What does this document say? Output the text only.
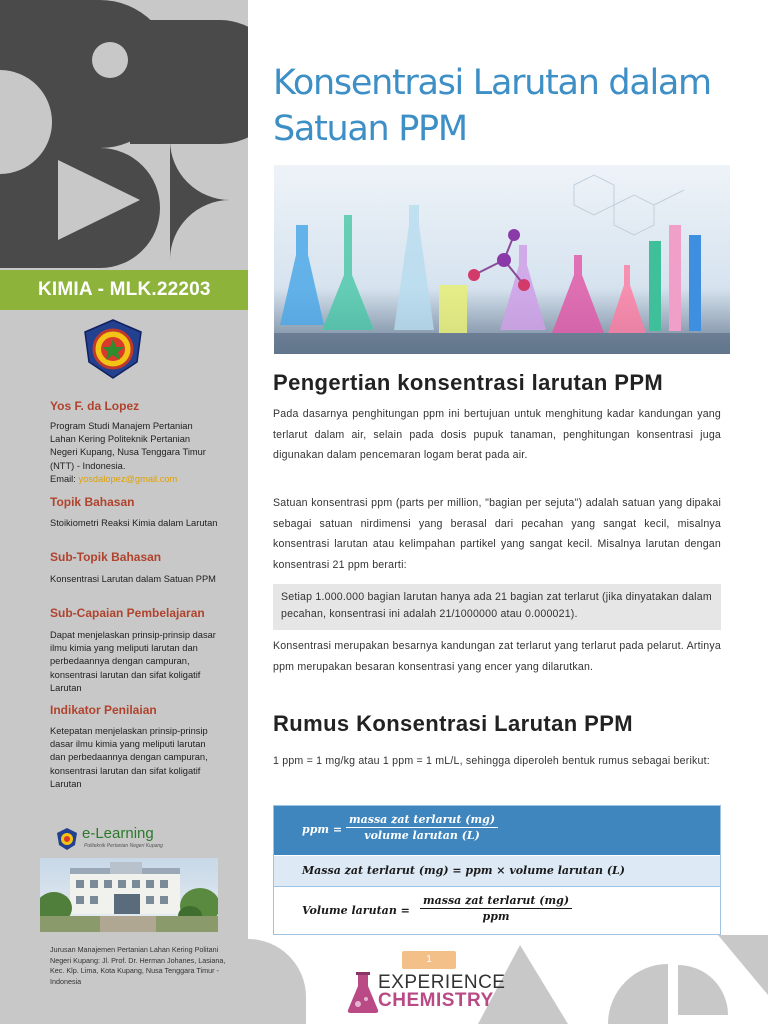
KIMIA - MLK.22203
Yos F. da Lopez
Program Studi Manajem Pertanian Lahan Kering Politeknik Pertanian Negeri Kupang, Nusa Tenggara Timur (NTT) - Indonesia.
Email: yosdalopez@gmail.com
Topik Bahasan
Stoikiometri Reaksi Kimia dalam Larutan
Sub-Topik Bahasan
Konsentrasi Larutan dalam Satuan PPM
Sub-Capaian Pembelajaran
Dapat menjelaskan prinsip-prinsip dasar ilmu kimia yang meliputi larutan dan perbedaannya dengan campuran, konsentrasi larutan dan sifat koligatif Larutan
Indikator Penilaian
Ketepatan menjelaskan prinsip-prinsip dasar ilmu kimia yang meliputi larutan dan perbedaannya dengan campuran, konsentrasi larutan dan sifat koligatif Larutan
e-Learning
Politeknik Pertanian Negeri Kupang
Jurusan Manajemen Pertanian Lahan Kering Politani Negeri Kupang: Jl. Prof. Dr. Herman Johanes, Lasiana, Kec. Klp. Lima, Kota Kupang, Nusa Tenggara Timur - Indonesia
Konsentrasi Larutan dalam Satuan PPM
Pengertian konsentrasi larutan PPM

Pada dasarnya penghitungan ppm ini bertujuan untuk menghitung kadar kandungan yang terlarut dalam air, selain pada dosis pupuk tanaman, penghitungan konsentrasi juga digunakan dalam pencemaran logam berat pada air.

Satuan konsentrasi ppm (parts per million, "bagian per sejuta") adalah satuan yang dipakai sebagai satuan nirdimensi yang berasal dari pecahan yang sangat kecil, misalnya konsentrasi larutan atau kelimpahan partikel yang sangat kecil. Misalnya larutan dengan konsentrasi 21 ppm berarti:

Setiap 1.000.000 bagian larutan hanya ada 21 bagian zat terlarut (jika dinyatakan dalam pecahan, konsentrasi ini adalah 21/1000000 atau 0.000021).

Konsentrasi merupakan besarnya kandungan zat terlarut yang terlarut pada pelarut. Artinya ppm merupakan besaran konsentrasi yang encer yang dilarutkan.

Rumus Konsentrasi Larutan PPM

1 ppm = 1 mg/kg atau 1 ppm = 1 mL/L, sehingga diperoleh bentuk rumus sebagai berikut:

ppm =
massa zat terlarut (mg)
volume larutan (L)
Massa zat terlarut (mg) = ppm × volume larutan (L)
Volume larutan =
massa zat terlarut (mg)
ppm
1
EXPERIENCE
CHEMISTRY
